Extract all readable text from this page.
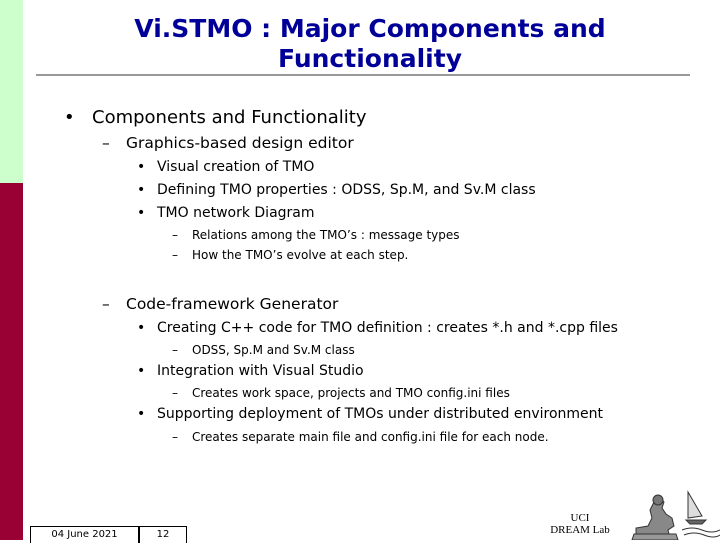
Vi.STMO : Major Components and
Functionality
• Components and Functionality
– Graphics-based design editor
• Visual creation of TMO
• Defining TMO properties : ODSS, Sp.M, and Sv.M class
• TMO network Diagram
– Relations among the TMO’s : message types
– How the TMO’s evolve at each step.
– Code-framework Generator
• Creating C++ code for TMO definition : creates *.h and *.cpp files
– ODSS, Sp.M and Sv.M class
• Integration with Visual Studio
– Creates work space, projects and TMO config.ini files
• Supporting deployment of TMOs under distributed environment
– Creates separate main file and config.ini file for each node.
04 June 2021	12
UCI
DREAM Lab
